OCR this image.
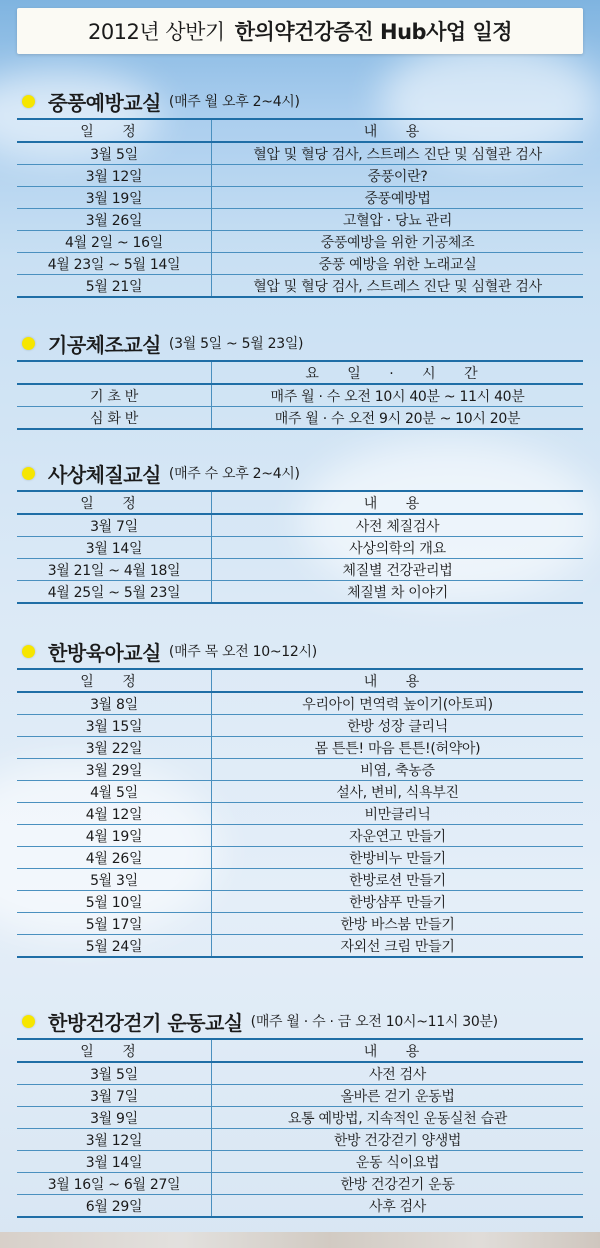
2012년 상반기 한의약건강증진 Hub사업 일정
중풍예방교실 (매주 월 오후 2~4시)
일 정	내 용
3월 5일	혈압 및 혈당 검사, 스트레스 진단 및 심혈관 검사
3월 12일	중풍이란?
3월 19일	중풍예방법
3월 26일	고혈압 · 당뇨 관리
4월 2일 ~ 16일	중풍예방을 위한 기공체조
4월 23일 ~ 5월 14일	중풍 예방을 위한 노래교실
5월 21일	혈압 및 혈당 검사, 스트레스 진단 및 심혈관 검사
기공체조교실 (3월 5일 ~ 5월 23일)
	요 일 · 시 간
기 초 반	매주 월 · 수 오전 10시 40분 ~ 11시 40분
심 화 반	매주 월 · 수 오전 9시 20분 ~ 10시 20분
사상체질교실 (매주 수 오후 2~4시)
일 정	내 용
3월 7일	사전 체질검사
3월 14일	사상의학의 개요
3월 21일 ~ 4월 18일	체질별 건강관리법
4월 25일 ~ 5월 23일	체질별 차 이야기
한방육아교실 (매주 목 오전 10~12시)
일 정	내 용
3월 8일	우리아이 면역력 높이기(아토피)
3월 15일	한방 성장 클리닉
3월 22일	몸 튼튼! 마음 튼튼!(허약아)
3월 29일	비염, 축농증
4월 5일	설사, 변비, 식욕부진
4월 12일	비만클리닉
4월 19일	자운연고 만들기
4월 26일	한방비누 만들기
5월 3일	한방로션 만들기
5월 10일	한방샴푸 만들기
5월 17일	한방 바스붐 만들기
5월 24일	자외선 크림 만들기
한방건강걷기 운동교실 (매주 월 · 수 · 금 오전 10시~11시 30분)
일 정	내 용
3월 5일	사전 검사
3월 7일	올바른 걷기 운동법
3월 9일	요통 예방법, 지속적인 운동실천 습관
3월 12일	한방 건강걷기 양생법
3월 14일	운동 식이요법
3월 16일 ~ 6월 27일	한방 건강걷기 운동
6월 29일	사후 검사
